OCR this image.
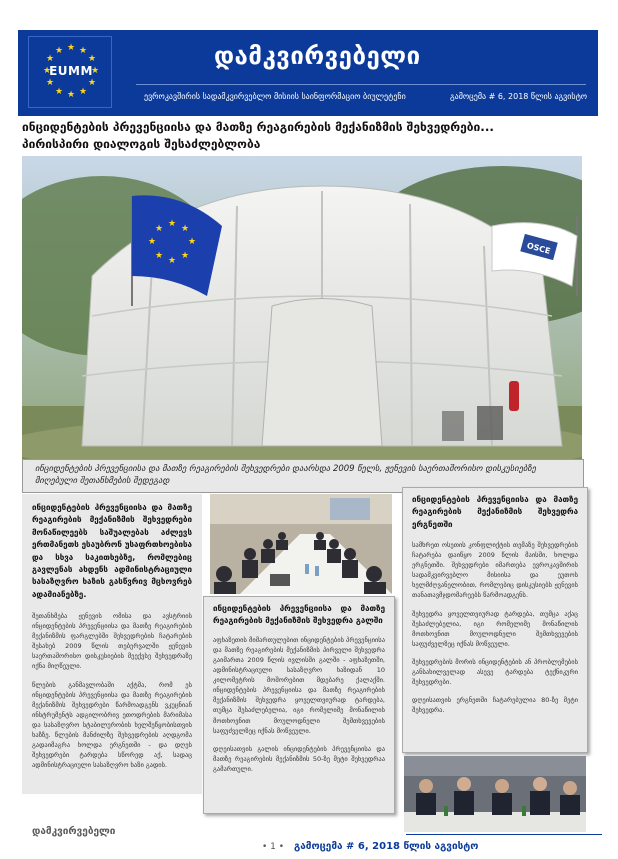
★ ★
★
★
★
★
★
★
★
★
★
★
EUMM
დამკვირვებელი
ევროკავშირის სადამკვირვებლო მისიის საინფორმაციო ბიულეტენი	გამოცემა # 6, 2018 წლის აგვისტო
ინციდენტების პრევენციისა და მათზე რეაგირების მექანიზმის შეხვედრები...
პირისპირი დიალოგის შესაძლებლობა
★ ★
★
★
★
★
★
★
OSCE
ინციდენტების პრევენციისა და მათზე რეაგირების შეხვედრები დაარსდა 2009 წელს, ჟენევის საერთაშორისო დისკუსიებზე მიღებული შეთანხმების შედეგად
ინციდენტების პრევენციისა და მათზე რეაგირების მექანიზმის შეხვედრები მონაწილეებს საშუალებას აძლევს ერთმანეთს ესაუბრონ უსაფრთხოებისა და სხვა საკითხებზე, რომლებიც გავლენას ახდენს ადმინისტრაციული სასაზღვრო ხაზის გასწვრივ მცხოვრებ ადამიანებზე.

შეთანხმება ჟენევის ომისა და ავსტრიის ინციდენტების პრევენციისა და მათზე რეაგირების მექანიზმის ფარგლებში შეხვედრების ჩატარების შესახებ 2009 წლის თებერვალში ჟენევის საერთაშორისო დისკუსიების მეექვსე შეხვედრაზე იქნა მიღწეული.

წლების განმავლობაში აქტმა, რომ ეს ინციდენტების პრევენციისა და მათზე რეაგირების მექანიზმის შეხვედრები წარმოადგენს ვკუცნიან ინსტრუმენტს ადგილობრივ ეთოდრების მარიმასა და სასაზღვრო სტაბილურობის ხელშეწყობისთვის ხაზზე. წლების მანძილზე შეხვედრების აღდგომა გადაიმაგრა ხოლდა ერგნეთში - და დღეს შეხვედრები ტარდება სწორედ აქ, სადაც ადმინისტრაციული სასაზღვრო ხაზი გადის.

ინციდენტების პრევენციისა და მათზე რეაგირების მექანიზმის შეხვედრა გალში

აფხაზეთის მიმართულებით ინციდენტების პრევენციისა და მათზე რეაგირების მექანიზმის პირველი შეხვედრა გაიმართა 2009 წლის ივლისში გალში - აფხაზეთში, ადმინისტრაციული სასაზღვრო ხაზიდან 10 კილომეტრის მოშორებით მდებარე ქალაქში. ინციდენტების პრევენციისა და მათზე რეაგირების მექანიზმის შეხვედრა ყოველთვიურად ტარდება, თუმცა შესაძლებელია, იგი რომელიმე მონაწილის მოთხოვნით მოულოდნელი შემთხვევების საფუძველზეც იქნას მოწვეული.

დღეისათვის გალის ინციდენტების პრევენციისა და მათზე რეაგირების მექანიზმის 50-ზე მეტი შეხვედრაა გამართული.

ინციდენტების პრევენციისა და მათზე რეაგირების მექანიზმის შეხვედრა ერგნეთში

სამხრეთ ოსეთის კონფლიქტის თემაზე შეხვედრების ჩატარება დაიწყო 2009 წლის მაისში, ხოლდა ერგნეთში. შეხვედრები იმართება ევროკავშირის სადამკვირვებლო მისიისა და ეუთოს ხელმძღვანელობით, რომლებიც დისკუსიებს ჟენევის თანათავმჯდომარეებს წარმოადგენს.

შეხვედრა ყოველთვიურად ტარდება, თუმცა აქაც შესაძლებელია, იგი რომელიმე მონაწილის მოთხოვნით მოულოდნელი შემთხვევების საფუძველზეც იქნას მოწვეული.

შეხვედრების მორის ინციდენტების ან პრობლემების განსახილველად ასევე ტარდება ტექნიკური შეხვედრები.

დღეისათვის ერგნეთში ჩატარებულია 80-ზე მეტი შეხვედრა.

დამკვირვებელი
• 1 • გამოცემა # 6, 2018 წლის აგვისტო
